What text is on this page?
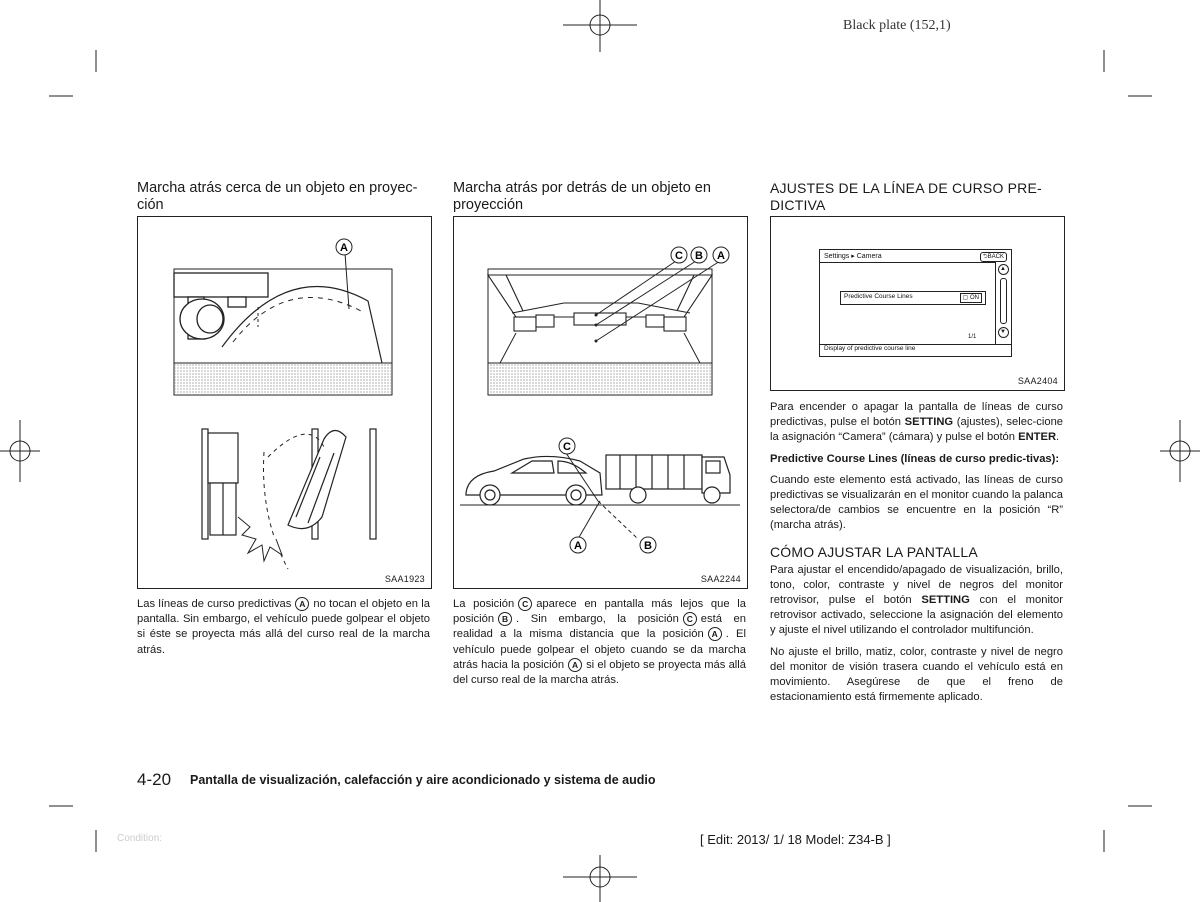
Black plate (152,1)
Marcha atrás cerca de un objeto en proyec-
ción
A
SAA1923

Las líneas de curso predictivas A no tocan el objeto en la pantalla. Sin embargo, el vehículo puede golpear el objeto si éste se proyecta más allá del curso real de la marcha atrás.

Marcha atrás por detrás de un objeto en
proyección
C B A
C
A	B
SAA2244

La posición C aparece en pantalla más lejos que la posición B . Sin embargo, la posición C está en realidad a la misma distancia que la posición A . El vehículo puede golpear el objeto cuando se da marcha atrás hacia la posición A si el objeto se proyecta más allá del curso real de la marcha atrás.

AJUSTES DE LA LÍNEA DE CURSO PRE-
DICTIVA
Settings ▸ Camera	⮌BACK
Predictive Course Lines	▢ ON
▲
▼
1/1
Display of predictive course line
SAA2404

Para encender o apagar la pantalla de líneas de curso predictivas, pulse el botón SETTING (ajustes), selec-cione la asignación “Camera” (cámara) y pulse el botón ENTER.

Predictive Course Lines (líneas de curso predic-tivas):

Cuando este elemento está activado, las líneas de curso predictivas se visualizarán en el monitor cuando la palanca selectora/de cambios se encuentre en la posición “R” (marcha atrás).

CÓMO AJUSTAR LA PANTALLA

Para ajustar el encendido/apagado de visualización, brillo, tono, color, contraste y nivel de negros del monitor retrovisor, pulse el botón SETTING con el monitor retrovisor activado, seleccione la asignación del elemento y ajuste el nivel utilizando el controlador multifunción.

No ajuste el brillo, matiz, color, contraste y nivel de negro del monitor de visión trasera cuando el vehículo está en movimiento. Asegúrese de que el freno de estacionamiento está firmemente aplicado.

4-20 Pantalla de visualización, calefacción y aire acondicionado y sistema de audio
Condition:	[ Edit: 2013/ 1/ 18 Model: Z34-B ]
